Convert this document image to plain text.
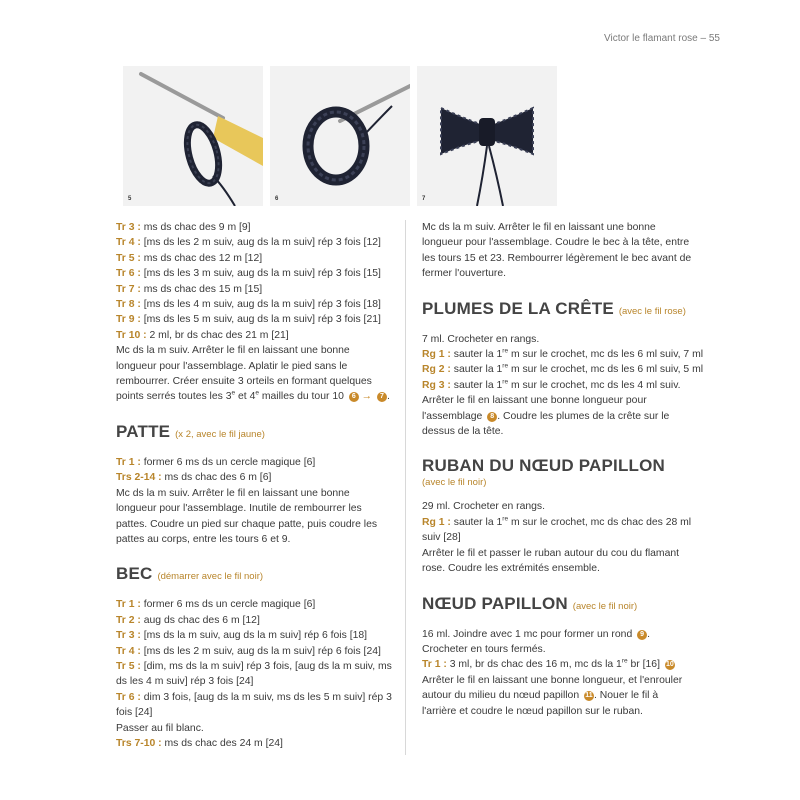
Victor le flamant rose – 55
5	6	7
Tr 3 : ms ds chac des 9 m [9]
Tr 4 : [ms ds les 2 m suiv, aug ds la m suiv] rép 3 fois [12]
Tr 5 : ms ds chac des 12 m [12]
Tr 6 : [ms ds les 3 m suiv, aug ds la m suiv] rép 3 fois [15]
Tr 7 : ms ds chac des 15 m [15]
Tr 8 : [ms ds les 4 m suiv, aug ds la m suiv] rép 3 fois [18]
Tr 9 : [ms ds les 5 m suiv, aug ds la m suiv] rép 3 fois [21]
Tr 10 : 2 ml, br ds chac des 21 m [21]
Mc ds la m suiv. Arrêter le fil en laissant une bonne
longueur pour l'assemblage. Aplatir le pied sans le
rembourrer. Créer ensuite 3 orteils en formant quelques
points serrés toutes les 3e et 4e mailles du tour 10 6 → 7 .
PATTE (x 2, avec le fil jaune)
Tr 1 : former 6 ms ds un cercle magique [6]
Trs 2-14 : ms ds chac des 6 m [6]
Mc ds la m suiv. Arrêter le fil en laissant une bonne
longueur pour l'assemblage. Inutile de rembourrer les
pattes. Coudre un pied sur chaque patte, puis coudre les
pattes au corps, entre les tours 6 et 9.
BEC (démarrer avec le fil noir)
Tr 1 : former 6 ms ds un cercle magique [6]
Tr 2 : aug ds chac des 6 m [12]
Tr 3 : [ms ds la m suiv, aug ds la m suiv] rép 6 fois [18]
Tr 4 : [ms ds les 2 m suiv, aug ds la m suiv] rép 6 fois [24]
Tr 5 : [dim, ms ds la m suiv] rép 3 fois, [aug ds la m suiv, ms
ds les 4 m suiv] rép 3 fois [24]
Tr 6 : dim 3 fois, [aug ds la m suiv, ms ds les 5 m suiv] rép 3
fois [24]
Passer au fil blanc.
Trs 7-10 : ms ds chac des 24 m [24]
Mc ds la m suiv. Arrêter le fil en laissant une bonne
longueur pour l'assemblage. Coudre le bec à la tête, entre
les tours 15 et 23. Rembourrer légèrement le bec avant de
fermer l'ouverture.
PLUMES DE LA CRÊTE (avec le fil rose)
7 ml. Crocheter en rangs.
Rg 1 : sauter la 1re m sur le crochet, mc ds les 6 ml suiv, 7 ml
Rg 2 : sauter la 1re m sur le crochet, mc ds les 6 ml suiv, 5 ml
Rg 3 : sauter la 1re m sur le crochet, mc ds les 4 ml suiv.
Arrêter le fil en laissant une bonne longueur pour
l'assemblage 8 . Coudre les plumes de la crête sur le
dessus de la tête.
RUBAN DU NŒUD PAPILLON
(avec le fil noir)
29 ml. Crocheter en rangs.
Rg 1 : sauter la 1re m sur le crochet, mc ds chac des 28 ml
suiv [28]
Arrêter le fil et passer le ruban autour du cou du flamant
rose. Coudre les extrémités ensemble.
NŒUD PAPILLON (avec le fil noir)
16 ml. Joindre avec 1 mc pour former un rond 9 .
Crocheter en tours fermés.
Tr 1 : 3 ml, br ds chac des 16 m, mc ds la 1re br [16] 10
Arrêter le fil en laissant une bonne longueur, et l'enrouler
autour du milieu du nœud papillon 11. Nouer le fil à
l'arrière et coudre le nœud papillon sur le ruban.
